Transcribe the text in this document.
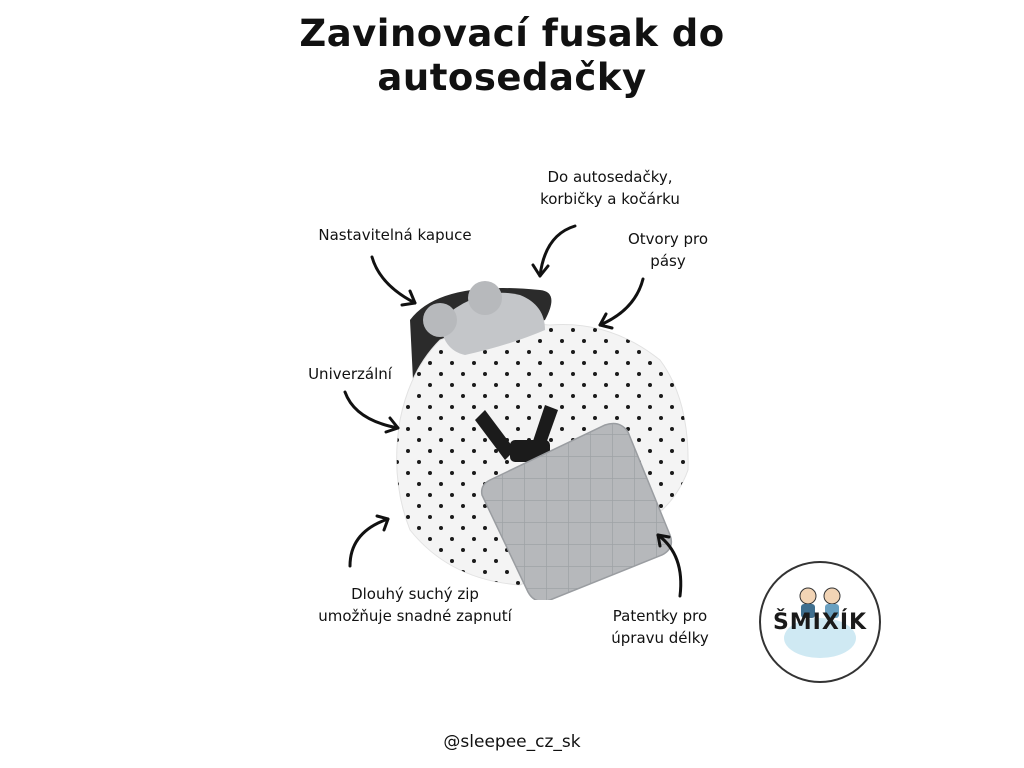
Zavinovací fusak do
autosedačky
Nastavitelná kapuce
Do autosedačky,
korbičky a kočárku
Otvory pro
pásy
Univerzální
Dlouhý suchý zip
umožňuje snadné zapnutí	Patentky pro
úpravu délky
ŠMIXÍK
@sleepee_cz_sk
